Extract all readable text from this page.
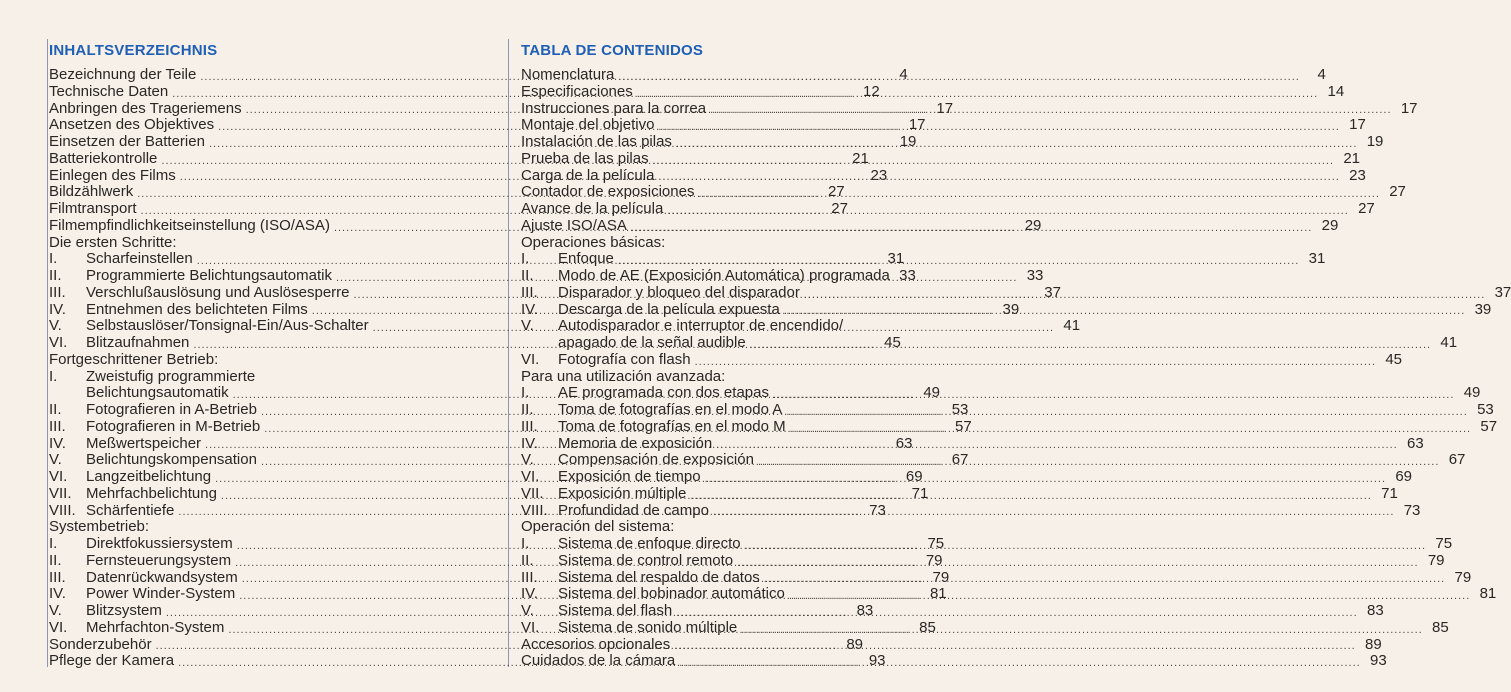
INHALTSVERZEICHNIS
Bezeichnung der Teile .....	4
Technische Daten .....	12
Anbringen des Trageriemens .....	17
Ansetzen des Objektives .....	17
Einsetzen der Batterien .....	19
Batteriekontrolle .....	21
Einlegen des Films .....	23
Bildzählwerk .....	27
Filmtransport .....	27
Filmempfindlichkeitseinstellung (ISO/ASA) .....	29
Die ersten Schritte:
I.	Scharfeinstellen .....	31
II.	Programmierte Belichtungsautomatik .....	33
III.	Verschlußauslösung und Auslösesperre .....	37
IV.	Entnehmen des belichteten Films .....	39
V.	Selbstauslöser/Tonsignal-Ein/Aus-Schalter .....	41
VI.	Blitzaufnahmen .....	45
Fortgeschrittener Betrieb:
I.	Zweistufig programmierte
Belichtungsautomatik .....	49
II.	Fotografieren in A-Betrieb .....	53
III.	Fotografieren in M-Betrieb .....	57
IV.	Meßwertspeicher .....	63
V.	Belichtungskompensation .....	67
VI.	Langzeitbelichtung .....	69
VII. Mehrfachbelichtung .....	71
VIII. Schärfentiefe .....	73
Systembetrieb:
I.	Direktfokussiersystem .....	75
II.	Fernsteuerungsystem .....	79
III.	Datenrückwandsystem .....	79
IV.	Power Winder-System .....	81
V.	Blitzsystem .....	83
VI.	Mehrfachton-System .....	85
Sonderzubehör .....	89
Pflege der Kamera .....	93
TABLA DE CONTENIDOS
Nomenclatura .....	4
Especificaciones .....	14
Instrucciones para la correa .....	17
Montaje del objetivo .....	17
Instalación de las pilas .....	19
Prueba de las pilas .....	21
Carga de la película .....	23
Contador de exposiciones .....	27
Avance de la película .....	27
Ajuste ISO/ASA .....	29
Operaciones básicas:
I.	Enfoque .....	31
II.	Modo de AE (Exposición Automática) programada 33
III.	Disparador y bloqueo del disparador .....	37
IV.	Descarga de la película expuesta .....	39
V.	Autodisparador e interruptor de encendido/
apagado de la señal audible .....	41
VI.	Fotografía con flash .....	45
Para una utilización avanzada:
I.	AE programada con dos etapas .....	49
II.	Toma de fotografías en el modo A .....	53
III.	Toma de fotografías en el modo M .....	57
IV.	Memoria de exposición .....	63
V.	Compensación de exposición .....	67
VI.	Exposición de tiempo .....	69
VII. Exposición múltiple .....	71
VIII. Profundidad de campo .....	73
Operación del sistema:
I.	Sistema de enfoque directo .....	75
II.	Sistema de control remoto .....	79
III.	Sistema del respaldo de datos .....	79
IV.	Sistema del bobinador automático .....	81
V.	Sistema del flash .....	83
VI.	Sistema de sonido múltiple .....	85
Accesorios opcionales .....	89
Cuidados de la cámara .....	93
